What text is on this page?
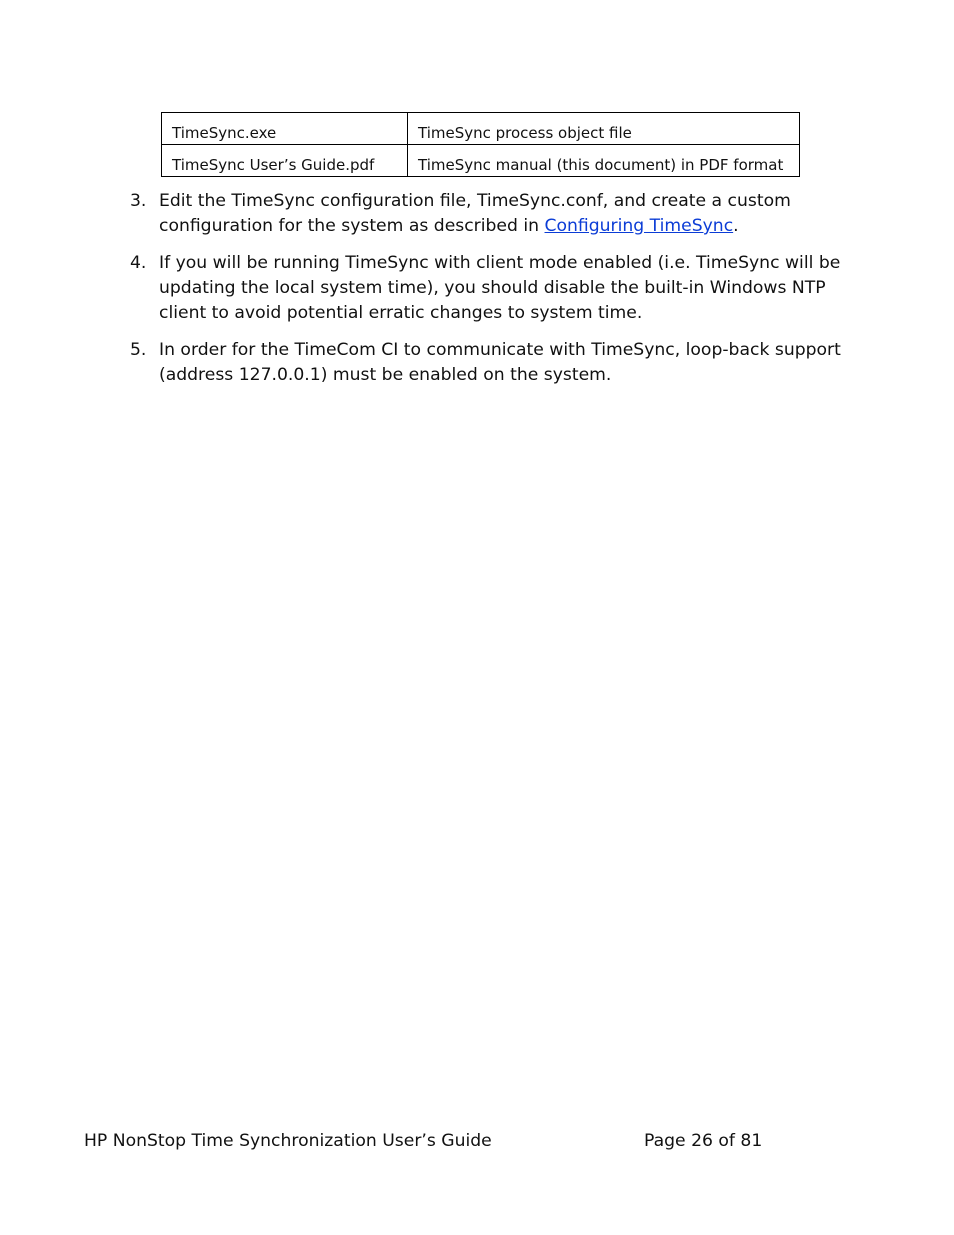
TimeSync.exe	TimeSync process object file
TimeSync User’s Guide.pdf	TimeSync manual (this document) in PDF format
3. Edit the TimeSync configuration file, TimeSync.conf, and create a custom configuration for the system as described in Configuring TimeSync.
4. If you will be running TimeSync with client mode enabled (i.e. TimeSync will be updating the local system time), you should disable the built-in Windows NTP client to avoid potential erratic changes to system time.
5. In order for the TimeCom CI to communicate with TimeSync, loop-back support (address 127.0.0.1) must be enabled on the system.
HP NonStop Time Synchronization User’s Guide	Page 26 of 81
